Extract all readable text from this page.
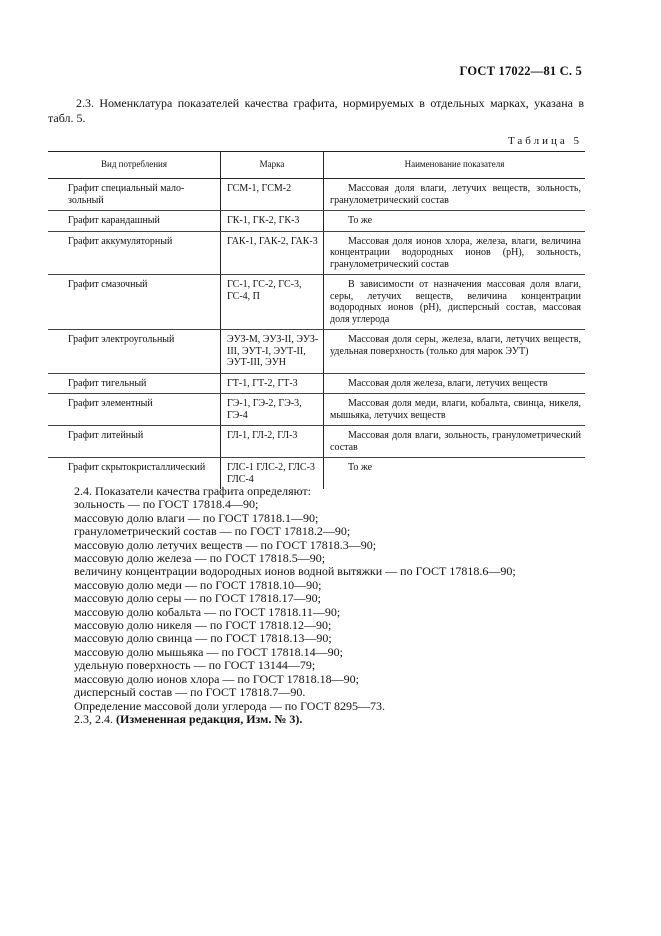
ГОСТ 17022—81 С. 5
2.3. Номенклатура показателей качества графита, нормируемых в отдельных марках, указана в табл. 5.
Таблица 5
Вид потребления	Марка	Наименование показателя
Графит специальный мало-зольный	ГСМ-1, ГСМ-2	Массовая доля влаги, летучих веществ, зольность, гранулометрический состав
Графит карандашный	ГК-1, ГК-2, ГК-3	То же
Графит аккумуляторный	ГАК-1, ГАК-2, ГАК-3	Массовая доля ионов хлора, железа, влаги, величина концентрации водородных ионов (pH), зольность, гранулометрический состав
Графит смазочный	ГС-1, ГС-2, ГС-3, ГС-4, П	В зависимости от назначения массовая доля влаги, серы, летучих веществ, величина концентрации водородных ионов (pH), дисперсный состав, массовая доля углерода
Графит электроугольный	ЭУЗ-М, ЭУЗ-II, ЭУЗ-III, ЭУТ-I, ЭУТ-II, ЭУТ-III, ЭУН	Массовая доля серы, железа, влаги, летучих веществ, удельная поверхность (только для марок ЭУТ)
Графит тигельный	ГТ-1, ГТ-2, ГТ-3	Массовая доля железа, влаги, летучих веществ
Графит элементный	ГЭ-1, ГЭ-2, ГЭ-3, ГЭ-4	Массовая доля меди, влаги, кобальта, свинца, никеля, мышьяка, летучих веществ
Графит литейный	ГЛ-1, ГЛ-2, ГЛ-3	Массовая доля влаги, зольность, гранулометрический состав
Графит скрытокристаллический	ГЛС-1 ГЛС-2, ГЛС-3 ГЛС-4	То же
2.4. Показатели качества графита определяют:
зольность — по ГОСТ 17818.4—90;
массовую долю влаги — по ГОСТ 17818.1—90;
гранулометрический состав — по ГОСТ 17818.2—90;
массовую долю летучих веществ — по ГОСТ 17818.3—90;
массовую долю железа — по ГОСТ 17818.5—90;
величину концентрации водородных ионов водной вытяжки — по ГОСТ 17818.6—90;
массовую долю меди — по ГОСТ 17818.10—90;
массовую долю серы — по ГОСТ 17818.17—90;
массовую долю кобальта — по ГОСТ 17818.11—90;
массовую долю никеля — по ГОСТ 17818.12—90;
массовую долю свинца — по ГОСТ 17818.13—90;
массовую долю мышьяка — по ГОСТ 17818.14—90;
удельную поверхность — по ГОСТ 13144—79;
массовую долю ионов хлора — по ГОСТ 17818.18—90;
дисперсный состав — по ГОСТ 17818.7—90.
Определение массовой доли углерода — по ГОСТ 8295—73.
2.3, 2.4. (Измененная редакция, Изм. № 3).
